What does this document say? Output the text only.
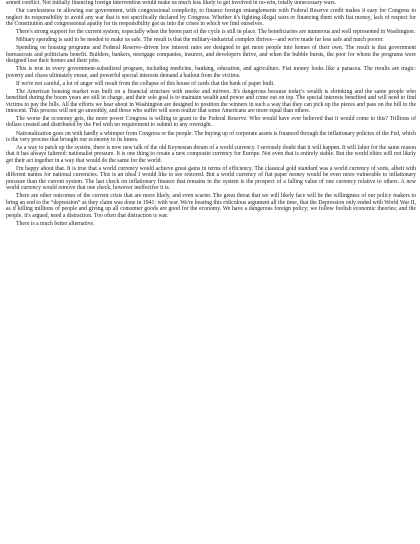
armed conflict. Not initially financing foreign intervention would make us much less likely to get involved in no-win, totally unnecessary wars.

Our carelessness in allowing our government, with congressional complicity, to finance foreign entanglements with Federal Reserve credit makes it easy for Congress to neglect its responsibility to avoid any war that is not specifically declared by Congress. Whether it's fighting illegal wars or financing them with fiat money, lack of respect for the Constitution and congressional apathy for its responsibility got us into the crises in which we find ourselves.

There's strong support for the current system, especially when the boom part of the cycle is still in place. The beneficiaries are numerous and well represented in Washington.

Military spending is said to be needed to make us safe. The result is that the military-industrial complex thrives—and we're made far less safe and much poorer.

Spending on housing programs and Federal Reserve–driven low interest rates are designed to get more people into homes of their own. The result is that government bureaucrats and politicians benefit. Builders, bankers, mortgage companies, insurers, and developers thrive, and when the bubble bursts, the poor for whom the programs were designed lose their homes and their jobs.

This is true in every government-subsidized program, including medicine, banking, education, and agriculture. Fiat money looks like a panacea. The results are tragic: poverty and chaos ultimately ensue, and powerful special interests demand a bailout from the victims.

If we're not careful, a lot of anger will result from the collapse of this house of cards that the bank of paper built.

The American housing market was built on a financial structure with smoke and mirrors. It's dangerous because today's wealth is shrinking and the same people who benefited during the boom years are still in charge, and their sole goal is to maintain wealth and power and come out on top. The special interests benefited and will need to find victims to pay the bills. All the efforts we hear about in Washington are designed to position the winners in such a way that they can pick up the pieces and pass on the bill to the innocent. This process will not go smoothly, and those who suffer will soon realize that some Americans are more equal than others.

The worse the economy gets, the more power Congress is willing to grant to the Federal Reserve. Who would have ever believed that it would come to this? Trillions of dollars created and distributed by the Fed with no requirement to submit to any oversight.

Nationalization goes on with hardly a whimper from Congress or the people. The buying up of corporate assets is financed through the inflationary policies of the Fed, which is the very process that brought our economy to its knees.

As a way to patch up the system, there is now new talk of the old Keynesian dream of a world currency. I seriously doubt that it will happen. It will falter for the same reason that it has always faltered: nationalist pressure. It is one thing to create a new composite currency for Europe. Not even that is entirely stable. But the world elites will not likely get their act together in a way that would do the same for the world.

I'm happy about that. It is true that a world currency would achieve great gains in terms of efficiency. The classical gold standard was a world currency of sorts, albeit with different names for national currencies. This is an ideal I would like to see restored. But a world currency of fiat paper money would be even more vulnerable to inflationary pressure than the current system. The last check on inflationary finance that remains in the system is the prospect of a falling value of one currency relative to others. A new world currency would remove that one check, however ineffective it is.

There are other outcomes of the current crisis that are more likely, and even scarier. The great threat that we will likely face will be the willingness of our policy makers to bring an end to the “depression” as they claim was done in 1941: with war. We're hearing this ridiculous argument all the time, that the Depression only ended with World War II, as if killing millions of people and giving up all consumer goods are good for the economy. We have a dangerous foreign policy; we follow foolish economic theories; and the people, it's argued, need a distraction. Too often that distraction is war.

There is a much better alternative.
